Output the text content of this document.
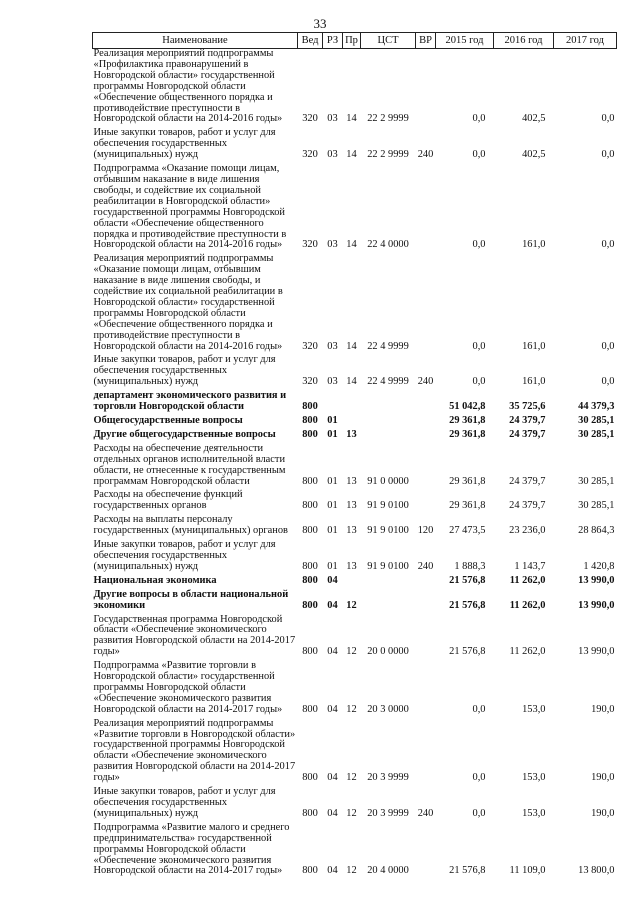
33
Наименование	Вед	РЗ	Пр	ЦСТ	ВР	2015 год	2016 год	2017 год
Реализация мероприятий подпрограммы «Профилактика правонарушений в Новгородской области» государственной программы Новгородской области «Обеспечение общественного порядка и противодействие преступности в Новгородской области на 2014-2016 годы»	320	03	14	22 2 9999		0,0	402,5	0,0
Иные закупки товаров, работ и услуг для обеспечения государственных (муниципальных) нужд	320	03	14	22 2 9999	240	0,0	402,5	0,0
Подпрограмма «Оказание помощи лицам, отбывшим наказание в виде лишения свободы, и содействие их социальной реабилитации в Новгородской области» государственной программы Новгородской области «Обеспечение общественного порядка и противодействие преступности в Новгородской области на 2014-2016 годы»	320	03	14	22 4 0000		0,0	161,0	0,0
Реализация мероприятий подпрограммы «Оказание помощи лицам, отбывшим наказание в виде лишения свободы, и содействие их социальной реабилитации в Новгородской области» государственной программы Новгородской области «Обеспечение общественного порядка и противодействие преступности в Новгородской области на 2014-2016 годы»	320	03	14	22 4 9999		0,0	161,0	0,0
Иные закупки товаров, работ и услуг для обеспечения государственных (муниципальных) нужд	320	03	14	22 4 9999	240	0,0	161,0	0,0
департамент экономического развития и торговли Новгородской области	800					51 042,8	35 725,6	44 379,3
Общегосударственные вопросы	800	01				29 361,8	24 379,7	30 285,1
Другие общегосударственные вопросы	800	01	13			29 361,8	24 379,7	30 285,1
Расходы на обеспечение деятельности отдельных органов исполнительной власти области, не отнесенные к государственным программам Новгородской области	800	01	13	91 0 0000		29 361,8	24 379,7	30 285,1
Расходы на обеспечение функций государственных органов	800	01	13	91 9 0100		29 361,8	24 379,7	30 285,1
Расходы на выплаты персоналу государственных (муниципальных) органов	800	01	13	91 9 0100	120	27 473,5	23 236,0	28 864,3
Иные закупки товаров, работ и услуг для обеспечения государственных (муниципальных) нужд	800	01	13	91 9 0100	240	1 888,3	1 143,7	1 420,8
Национальная экономика	800	04				21 576,8	11 262,0	13 990,0
Другие вопросы в области национальной экономики	800	04	12			21 576,8	11 262,0	13 990,0
Государственная программа Новгородской области «Обеспечение экономического развития Новгородской области на 2014-2017 годы»	800	04	12	20 0 0000		21 576,8	11 262,0	13 990,0
Подпрограмма «Развитие торговли в Новгородской области» государственной программы Новгородской области «Обеспечение экономического развития Новгородской области на 2014-2017 годы»	800	04	12	20 3 0000		0,0	153,0	190,0
Реализация мероприятий подпрограммы «Развитие торговли в Новгородской области» государственной программы Новгородской области «Обеспечение экономического развития Новгородской области на 2014-2017 годы»	800	04	12	20 3 9999		0,0	153,0	190,0
Иные закупки товаров, работ и услуг для обеспечения государственных (муниципальных) нужд	800	04	12	20 3 9999	240	0,0	153,0	190,0
Подпрограмма «Развитие малого и среднего предпринимательства» государственной программы Новгородской области «Обеспечение экономического развития Новгородской области на 2014-2017 годы»	800	04	12	20 4 0000		21 576,8	11 109,0	13 800,0
